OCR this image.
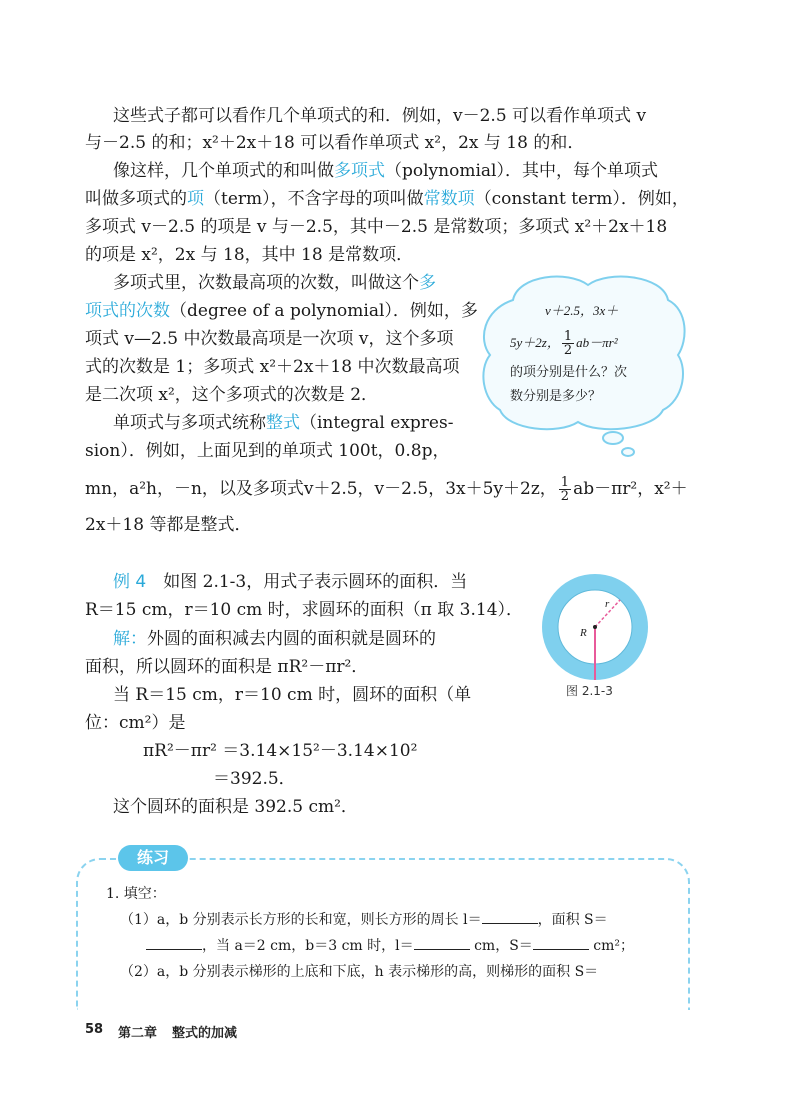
这些式子都可以看作几个单项式的和．例如，v－2.5 可以看作单项式 v
与－2.5 的和；x²＋2x＋18 可以看作单项式 x²，2x 与 18 的和．
像这样，几个单项式的和叫做多项式（polynomial）．其中，每个单项式
叫做多项式的项（term），不含字母的项叫做常数项（constant term）．例如，
多项式 v－2.5 的项是 v 与－2.5，其中－2.5 是常数项；多项式 x²＋2x＋18
的项是 x²，2x 与 18，其中 18 是常数项．
多项式里，次数最高项的次数，叫做这个多
项式的次数（degree of a polynomial）．例如，多
项式 v—2.5 中次数最高项是一次项 v，这个多项
式的次数是 1；多项式 x²＋2x＋18 中次数最高项
是二次项 x²，这个多项式的次数是 2．
v＋2.5，3x＋
5y＋2z， $\frac{1}{2} ab-\pi r^2$
的项分别是什么？次
数分别是多少？
单项式与多项式统称整式（integral expres-
sion）．例如，上面见到的单项式 100t，0.8p，
mn，a²h，－n，以及多项式v＋2.5，v－2.5，3x＋5y＋2z， $\frac{1}{2} ab-\pi r^2$，x²＋
2x＋18 等都是整式．
例 4　 如图 2.1-3，用式子表示圆环的面积．当
R＝15 cm，r＝10 cm 时，求圆环的面积（π 取 3.14）．
解：外圆的面积减去内圆的面积就是圆环的
面积，所以圆环的面积是 πR²－πr²．
当 R＝15 cm，r＝10 cm 时，圆环的面积（单
位：cm²）是
πR²－πr² ＝3.14×15²－3.14×10²
＝392.5．
这个圆环的面积是 392.5 cm²．
r
R
图 2.1-3
练习
1. 填空：
（1）a，b 分别表示长方形的长和宽，则长方形的周长 l＝	，面积 S＝
，当 a＝2 cm，b＝3 cm 时，l＝	cm，S＝	cm²；
（2）a，b 分别表示梯形的上底和下底，h 表示梯形的高，则梯形的面积 S＝
58 第二章 整式的加减
